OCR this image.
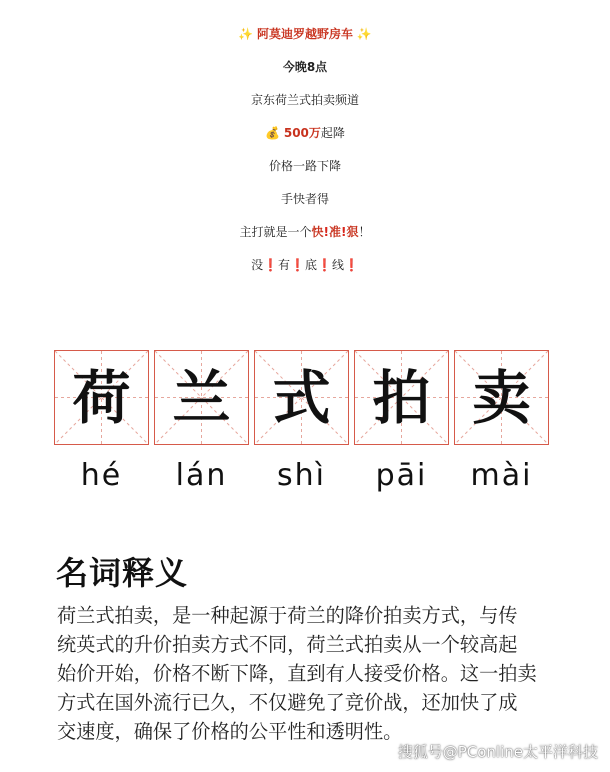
✨ 阿莫迪罗越野房车 ✨
今晚8点
京东荷兰式拍卖频道
💰 500万起降
价格一路下降
手快者得
主打就是一个快!准!狠！
没❗有❗底❗线❗
荷 兰 式 拍 卖
hé	lán	shì	pāi	mài
名词释义
荷兰式拍卖，是一种起源于荷兰的降价拍卖方式，与传
统英式的升价拍卖方式不同，荷兰式拍卖从一个较高起
始价开始，价格不断下降，直到有人接受价格。这一拍卖
方式在国外流行已久，不仅避免了竞价战，还加快了成
交速度，确保了价格的公平性和透明性。
搜狐号@PConline太平洋科技
